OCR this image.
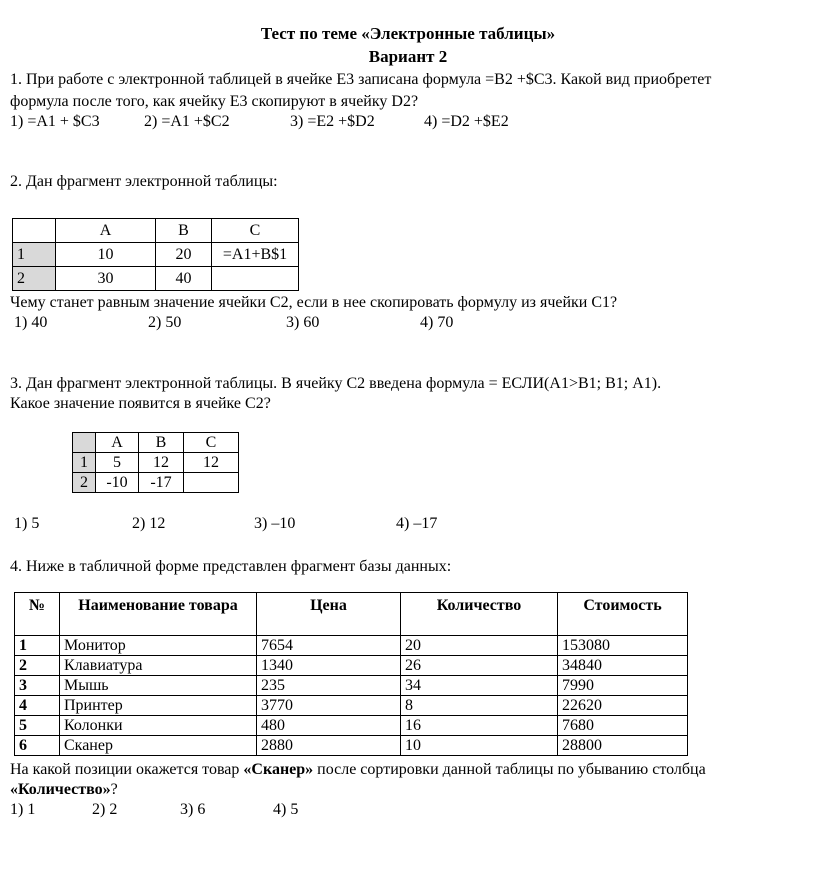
Тест по теме «Электронные таблицы»
Вариант 2
1. При работе с электронной таблицей в ячейке E3 записана формула =B2 +$C3. Какой вид приобретет
формула после того, как ячейку E3 скопируют в ячейку D2?
1) =A1 + $C3	2) =A1 +$C2	3) =E2 +$D2	4) =D2 +$E2
2. Дан фрагмент электронной таблицы:
	A	B	C
1	10	20	=A1+B$1
2	30	40	
Чему станет равным значение ячейки C2, если в нее скопировать формулу из ячейки C1?
1) 40	2) 50	3) 60	4) 70
3. Дан фрагмент электронной таблицы. В ячейку С2 введена формула = ЕСЛИ(А1>B1; B1; А1).
Какое значение появится в ячейке С2?
	A	B	C
1	5	12	12
2	-10	-17	
1) 5	2) 12	3) –10	4) –17
4. Ниже в табличной форме представлен фрагмент базы данных:
№	Наименование товара	Цена	Количество	Стоимость
1	Монитор	7654	20	153080
2	Клавиатура	1340	26	34840
3	Мышь	235	34	7990
4	Принтер	3770	8	22620
5	Колонки	480	16	7680
6	Сканер	2880	10	28800
На какой позиции окажется товар «Сканер» после сортировки данной таблицы по убыванию столбца
«Количество»?
1) 1	2) 2	3) 6	4) 5
